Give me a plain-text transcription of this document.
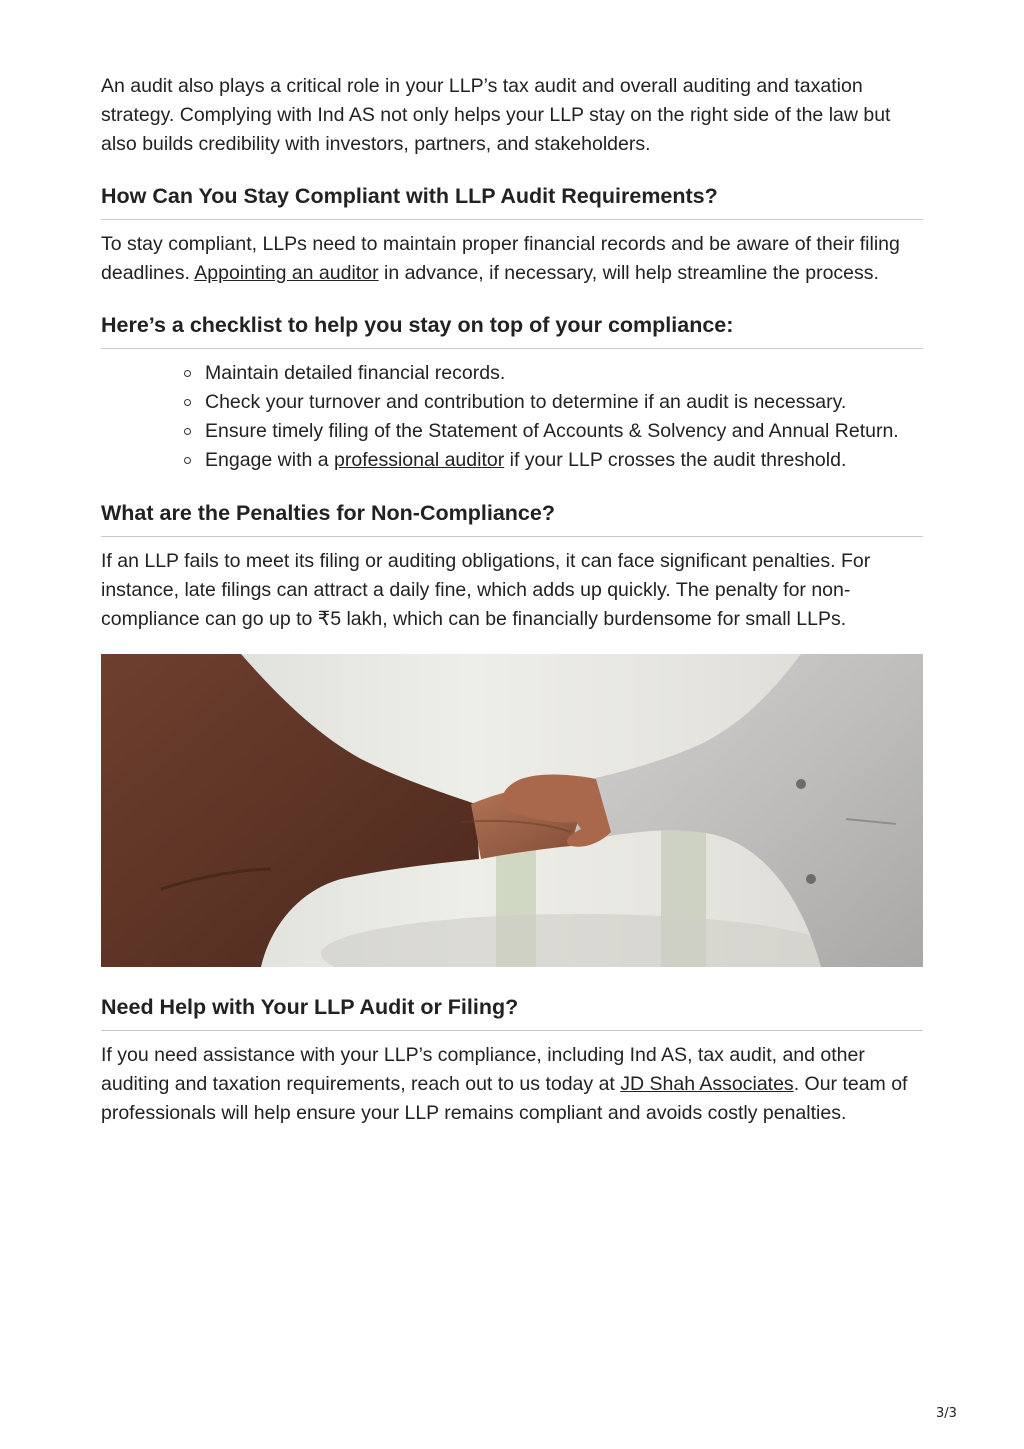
An audit also plays a critical role in your LLP’s tax audit and overall auditing and taxation strategy. Complying with Ind AS not only helps your LLP stay on the right side of the law but also builds credibility with investors, partners, and stakeholders.

How Can You Stay Compliant with LLP Audit Requirements?

To stay compliant, LLPs need to maintain proper financial records and be aware of their filing deadlines. Appointing an auditor in advance, if necessary, will help streamline the process.

Here’s a checklist to help you stay on top of your compliance:
Maintain detailed financial records.
Check your turnover and contribution to determine if an audit is necessary.
Ensure timely filing of the Statement of Accounts & Solvency and Annual Return.
Engage with a professional auditor if your LLP crosses the audit threshold.
What are the Penalties for Non-Compliance?

If an LLP fails to meet its filing or auditing obligations, it can face significant penalties. For instance, late filings can attract a daily fine, which adds up quickly. The penalty for non-compliance can go up to ₹5 lakh, which can be financially burdensome for small LLPs.

Need Help with Your LLP Audit or Filing?

If you need assistance with your LLP’s compliance, including Ind AS, tax audit, and other auditing and taxation requirements, reach out to us today at JD Shah Associates. Our team of professionals will help ensure your LLP remains compliant and avoids costly penalties.

3/3
